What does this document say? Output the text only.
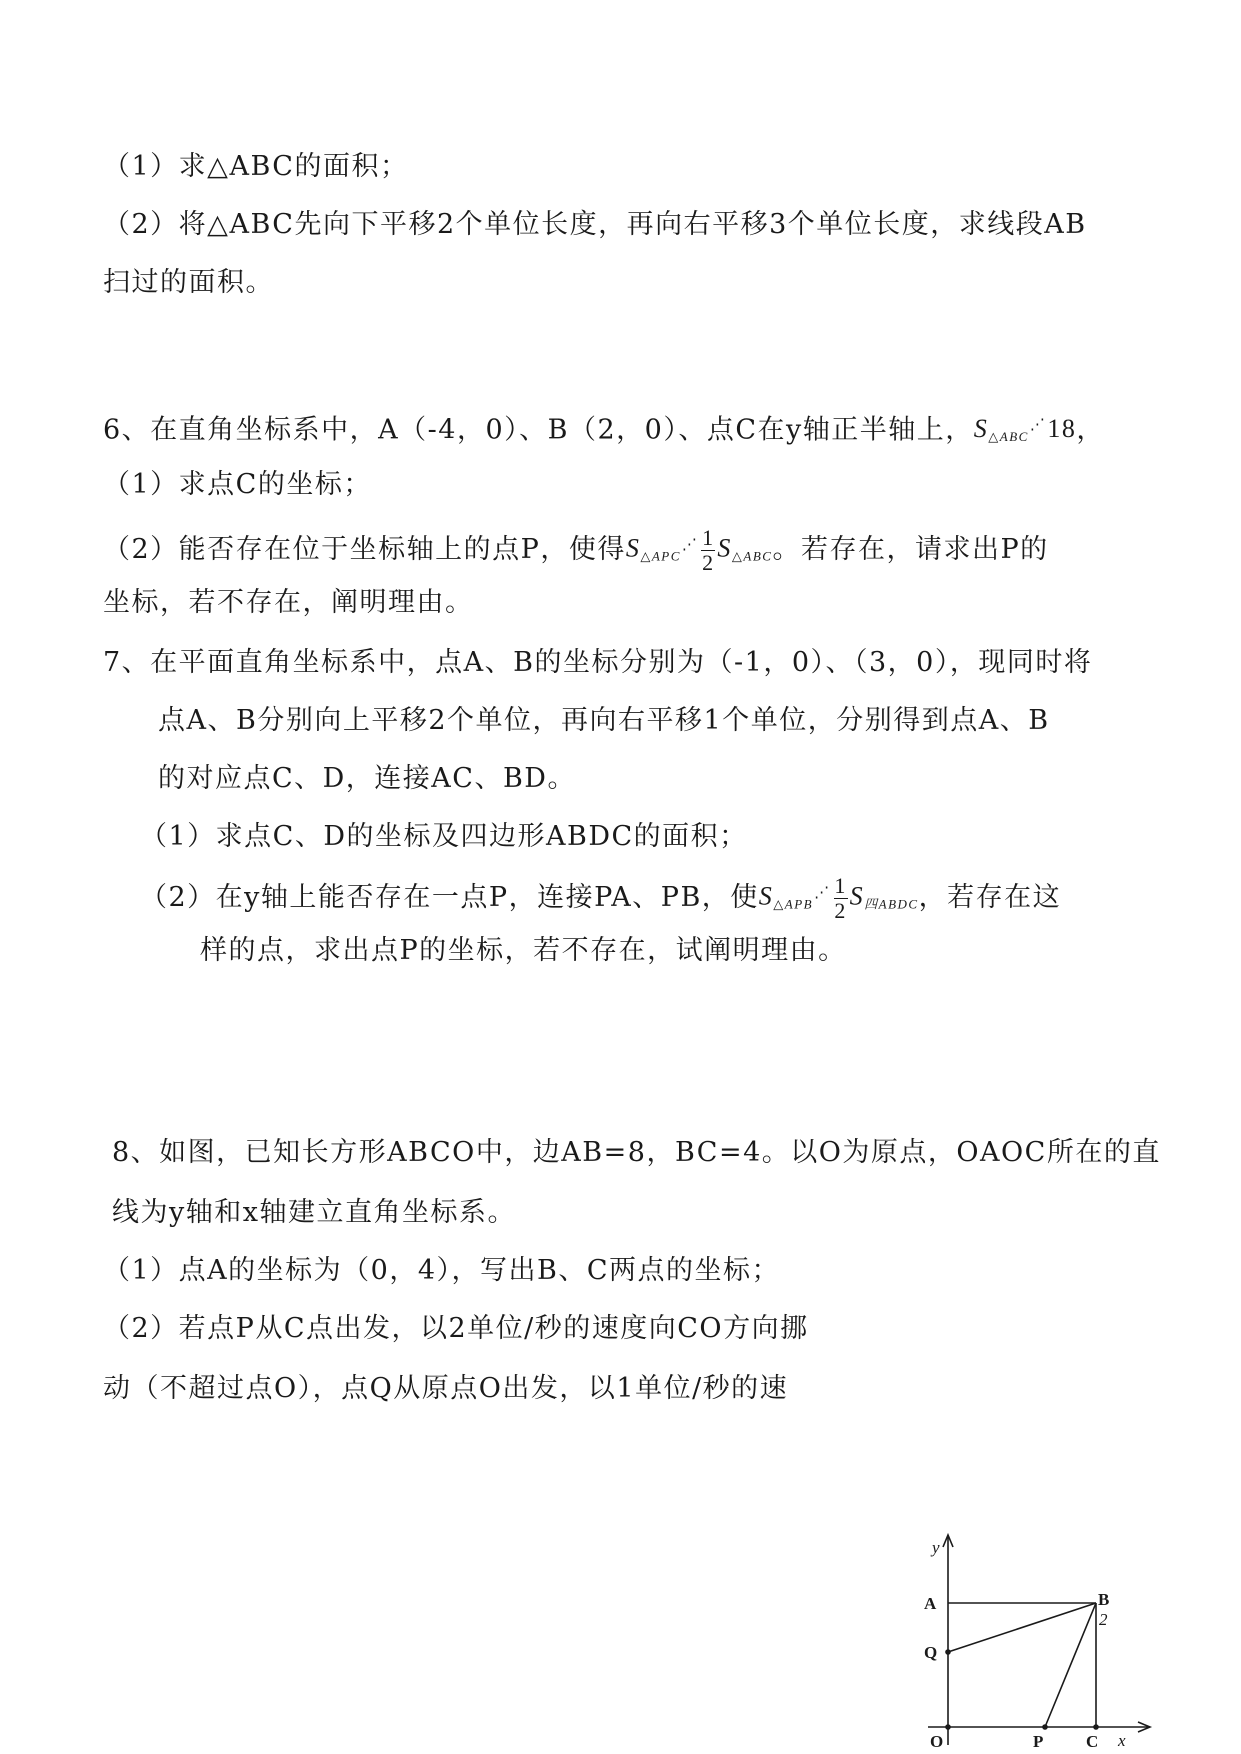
（1）求△ABC的面积；
（2）将△ABC先向下平移2个单位长度，再向右平移3个单位长度，求线段AB
扫过的面积。
6、在直角坐标系中，A（-4，0）、B（2，0）、点C在y轴正半轴上，$S_{\triangle ABC}^⋰18$，
（1）求点C的坐标；
（2）能否存在位于坐标轴上的点P，使得$S_{\triangle APC}^⋰ \frac{1}{2} S_{\triangle ABC}$。若存在，请求出P的
坐标，若不存在，阐明理由。
7、在平面直角坐标系中，点A、B的坐标分别为（-1，0）、（3，0），现同时将
点A、B分别向上平移2个单位，再向右平移1个单位，分别得到点A、B
的对应点C、D，连接AC、BD。
（1）求点C、D的坐标及四边形ABDC的面积；
（2）在y轴上能否存在一点P，连接PA、PB，使$S_{\triangle APB}^⋰ \frac{1}{2} S_{四ABDC}$，若存在这
样的点，求出点P的坐标，若不存在，试阐明理由。
8、如图，已知长方形ABCO中，边AB=8，BC=4。以O为原点，OAOC所在的直
线为y轴和x轴建立直角坐标系。
（1）点A的坐标为（0，4），写出B、C两点的坐标；
（2）若点P从C点出发，以2单位/秒的速度向CO方向挪
动（不超过点O），点Q从原点O出发，以1单位/秒的速
y
x
A	B
2
Q
O	P	C
